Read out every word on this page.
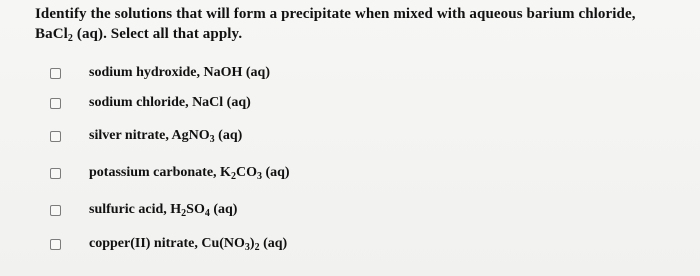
Identify the solutions that will form a precipitate when mixed with aqueous barium chloride,
BaCl$_2$ (aq). Select all that apply.
sodium hydroxide, NaOH (aq)
sodium chloride, NaCl (aq)
silver nitrate, AgNO$_3$ (aq)
potassium carbonate, $K_2CO_3$ (aq)
sulfuric acid, $H_2SO_4$ (aq)
copper(II) nitrate, $Cu(NO_3)_2$ (aq)
